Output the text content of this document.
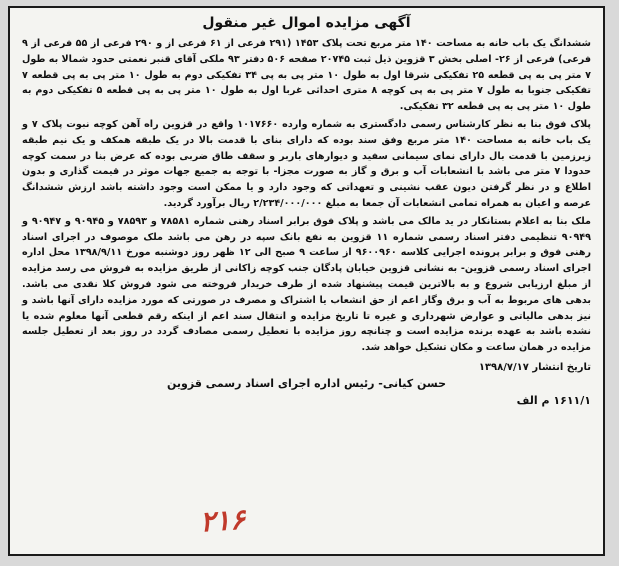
آگهی مزایده اموال غیر منقول

ششدانگ یک باب خانه به مساحت ۱۴۰ متر مربع تحت پلاک ۱۴۵۳ (۲۹۱ فرعی از ۶۱ فرعی از و ۲۹۰ فرعی از ۵۵ فرعی از ۹ فرعی) فرعی از ۲۶- اصلی بخش ۳ قزوین ذیل ثبت ۲۰۷۴۵ صفحه ۵۰۶ دفتر ۹۳ ملکی آقای قنبر نعمتی حدود شمالا به طول ۷ متر پی به پی قطعه ۲۵ تفکیکی شرقا اول به طول ۱۰ متر پی به پی ۳۴ تفکیکی دوم به طول ۱۰ متر پی به پی قطعه ۷ تفکیکی جنوبا به طول ۷ متر پی به پی کوچه ۸ متری احداثی غربا اول به طول ۱۰ متر پی به پی قطعه ۵ تفکیکی دوم به طول ۱۰ متر پی به پی قطعه ۳۲ تفکیکی.

پلاک فوق بنا به نظر کارشناس رسمی دادگستری به شماره وارده ۱۰۱۷۶۶۰ واقع در قزوین راه آهن کوچه نبوت پلاک ۷ و یک باب خانه به مساحت ۱۴۰ متر مربع وفق سند بوده که دارای بنای با قدمت بالا در یک طبقه همکف و یک نیم طبقه زیرزمین با قدمت بال دارای نمای سیمانی سفید و دیوارهای باربر و سقف طاق ضربی بوده که عرض بنا در سمت کوچه حدودا ۷ متر می باشد با انشعابات آب و برق و گاز به صورت مجزا- با توجه به جمیع جهات موثر در قیمت گذاری و بدون اطلاع و در نظر گرفتن دیون عقب نشینی و تعهداتی که وجود دارد و یا ممکن است وجود داشته باشد ارزش ششدانگ عرصه و اعیان به همراه تمامی انشعابات آن جمعا به مبلغ ۲/۲۳۴/۰۰۰/۰۰۰ ریال برآورد گردید.

ملک بنا به اعلام بستانکار در ید مالک می باشد و پلاک فوق برابر اسناد رهنی شماره ۷۸۵۸۱ و ۷۸۵۹۳ و ۹۰۹۴۵ و ۹۰۹۴۷ و ۹۰۹۴۹ تنظیمی دفتر اسناد رسمی شماره ۱۱ قزوین به نفع بانک سپه در رهن می باشد ملک موصوف در اجرای اسناد رهنی فوق و برابر پرونده اجرایی کلاسه ۹۶۰۰۹۶۰ از ساعت ۹ صبح الی ۱۲ ظهر روز دوشنبه مورخ ۱۳۹۸/۹/۱۱ محل اداره اجرای اسناد رسمی قزوین- به نشانی قزوین خیابان پادگان جنب کوچه زاکانی از طریق مزایده به فروش می رسد مزایده از مبلغ ارزیابی شروع و به بالاترین قیمت پیشنهاد شده از طرف خریدار فروخته می شود فروش کلا نقدی می باشد. بدهی های مربوط به آب و برق وگاز اعم از حق انشعاب یا اشتراک و مصرف در صورتی که مورد مزایده دارای آنها باشد و نیز بدهی مالیاتی و عوارض شهرداری و غیره تا تاریخ مزایده و انتقال سند اعم از اینکه رقم قطعی آنها معلوم شده یا نشده باشد به عهده برنده مزایده است و چنانچه روز مزایده با تعطیل رسمی مصادف گردد در روز بعد از تعطیل جلسه مزایده در همان ساعت و مکان تشکیل خواهد شد.

تاریخ انتشار ۱۳۹۸/۷/۱۷
حسن کیانی- رئیس اداره اجرای اسناد رسمی قزوین
۱۶۱۱/۱ م الف
۲۱۶
